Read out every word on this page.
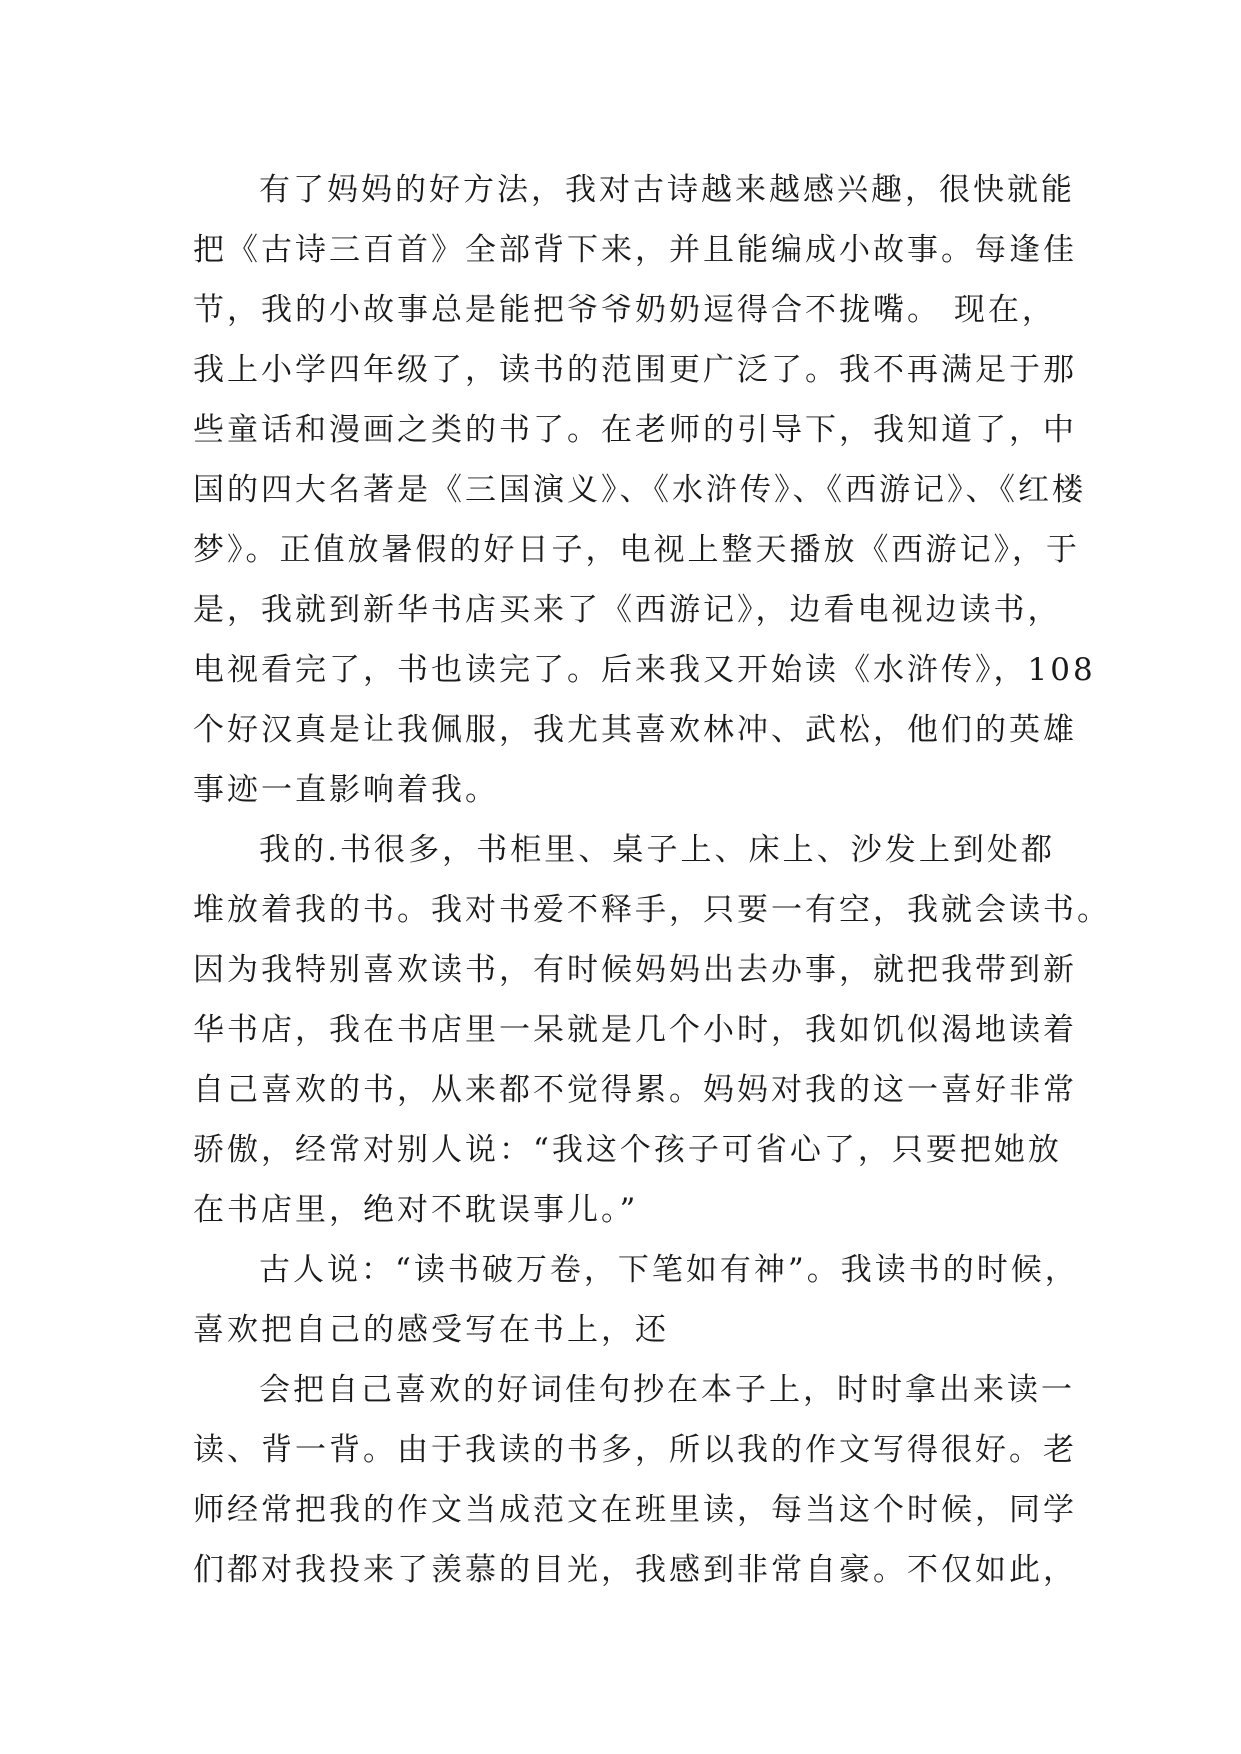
有了妈妈的好方法，我对古诗越来越感兴趣，很快就能
把《古诗三百首》全部背下来，并且能编成小故事。每逢佳
节，我的小故事总是能把爷爷奶奶逗得合不拢嘴。 现在，
我上小学四年级了，读书的范围更广泛了。我不再满足于那
些童话和漫画之类的书了。在老师的引导下，我知道了，中
国的四大名著是《三国演义》、《水浒传》、《西游记》、《红楼
梦》。正值放暑假的好日子，电视上整天播放《西游记》，于
是，我就到新华书店买来了《西游记》，边看电视边读书，
电视看完了，书也读完了。后来我又开始读《水浒传》，108
个好汉真是让我佩服，我尤其喜欢林冲、武松，他们的英雄
事迹一直影响着我。
我的.书很多，书柜里、桌子上、床上、沙发上到处都
堆放着我的书。我对书爱不释手，只要一有空，我就会读书。
因为我特别喜欢读书，有时候妈妈出去办事，就把我带到新
华书店，我在书店里一呆就是几个小时，我如饥似渴地读着
自己喜欢的书，从来都不觉得累。妈妈对我的这一喜好非常
骄傲，经常对别人说：“我这个孩子可省心了，只要把她放
在书店里，绝对不耽误事儿。”
古人说：“读书破万卷，下笔如有神”。我读书的时候，
喜欢把自己的感受写在书上，还
会把自己喜欢的好词佳句抄在本子上，时时拿出来读一
读、背一背。由于我读的书多，所以我的作文写得很好。老
师经常把我的作文当成范文在班里读，每当这个时候，同学
们都对我投来了羡慕的目光，我感到非常自豪。不仅如此，
